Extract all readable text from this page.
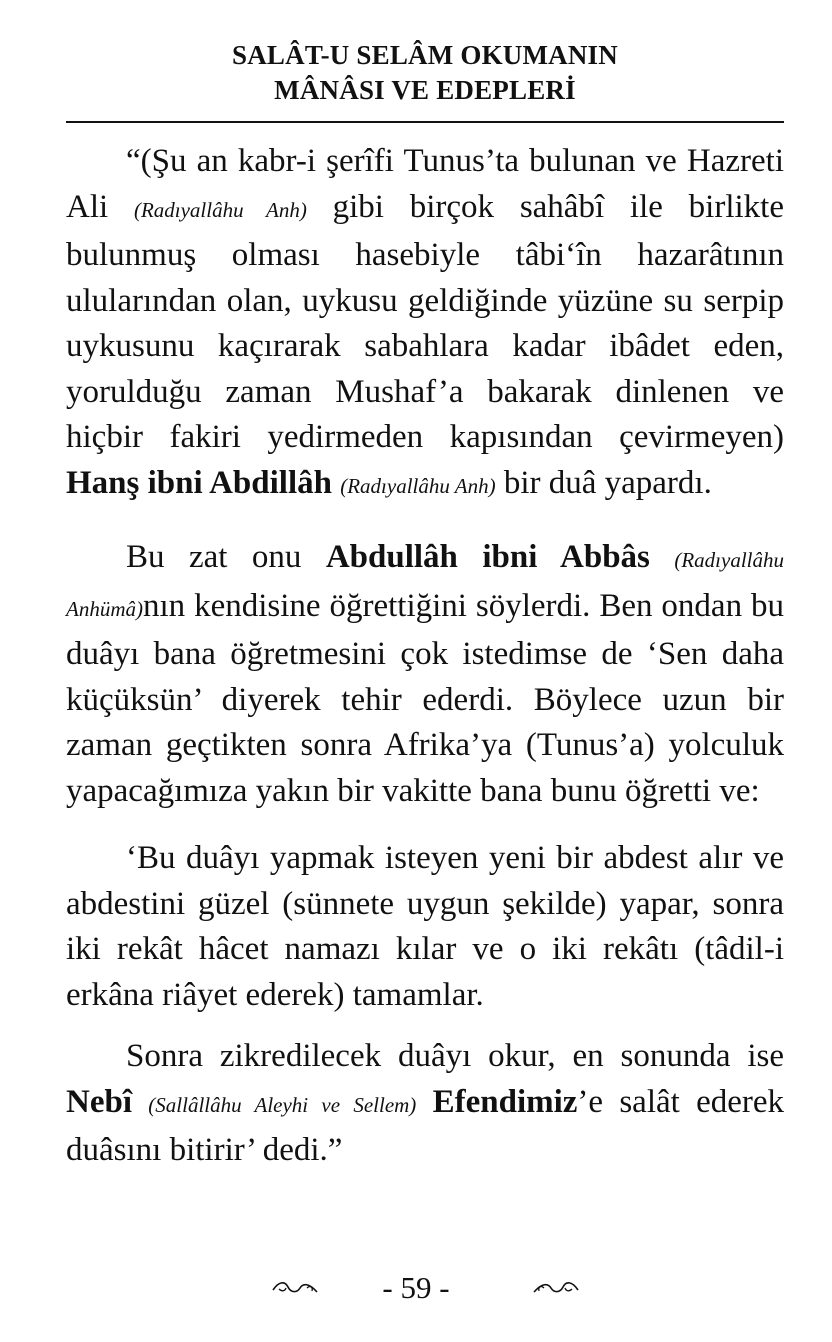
SALÂT-U SELÂM OKUMANIN
MÂNÂSI VE EDEPLERİ

“(Şu an kabr-i şerîfi Tunus’ta bulunan ve Hazreti Ali (Radıyallâhu Anh) gibi birçok sahâbî ile birlikte bulunmuş olması hasebiyle tâbi‘în hazarâtının ulularından olan, uykusu geldiğinde yüzüne su serpip uykusunu kaçırarak sabahlara kadar ibâdet eden, yorulduğu zaman Mushaf’a bakarak dinlenen ve hiçbir fakiri yedirmeden kapısından çevirmeyen) Hanş ibni Abdillâh (Radıyallâhu Anh) bir duâ yapardı.

Bu zat onu Abdullâh ibni Abbâs (Radıyallâhu Anhümâ)nın kendisine öğrettiğini söylerdi. Ben ondan bu duâyı bana öğretmesini çok istedimse de ‘Sen daha küçüksün’ diyerek tehir ederdi. Böylece uzun bir zaman geçtikten sonra Afrika’ya (Tunus’a) yolculuk yapacağımıza yakın bir vakitte bana bunu öğretti ve:

‘Bu duâyı yapmak isteyen yeni bir abdest alır ve abdestini güzel (sünnete uygun şekilde) yapar, sonra iki rekât hâcet namazı kılar ve o iki rekâtı (tâdil-i erkâna riâyet ederek) tamamlar.

Sonra zikredilecek duâyı okur, en sonunda ise Nebî (Sallâllâhu Aleyhi ve Sellem) Efendimiz’e salât ederek duâsını bitirir’ dedi.”

- 59 -
